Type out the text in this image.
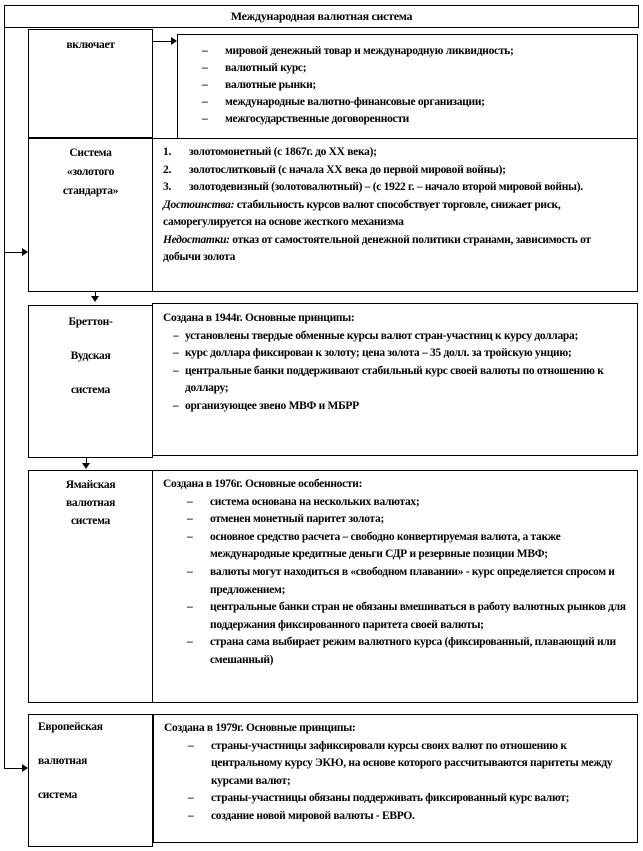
Международная валютная система
включает	– мировой денежный товар и международную ликвидность;
– валютный курс;
– валютные рынки;
– международные валютно-финансовые организации;
– межгосударственные договоренности
Система
«золотого
стандарта»
1. золотомонетный (с 1867г. до XX века);
2. золотослитковый (с начала XX века до первой мировой войны);
3. золотодевизный (золотовалютный) – (с 1922 г. – начало второй мировой войны).
Достоинства: стабильность курсов валют способствует торговле, снижает риск, саморегулируется на основе жесткого механизма
Недостатки: отказ от самостоятельной денежной политики странами, зависимость от добычи золота
Бреттон-
Вудская
система
Создана в 1944г. Основные принципы:
– установлены твердые обменные курсы валют стран-участниц к курсу доллара;
– курс доллара фиксирован к золоту; цена золота – 35 долл. за тройскую унцию;
– центральные банки поддерживают стабильный курс своей валюты по отношению к доллару;
– организующее звено МВФ и МБРР
Ямайская
валютная
система
Создана в 1976г. Основные особенности:
– система основана на нескольких валютах;
– отменен монетный паритет золота;
– основное средство расчета – свободно конвертируемая валюта, а также международные кредитные деньги СДР и резервные позиции МВФ;
– валюты могут находиться в «свободном плавании» - курс определяется спросом и предложением;
– центральные банки стран не обязаны вмешиваться в работу валютных рынков для поддержания фиксированного паритета своей валюты;
– страна сама выбирает режим валютного курса (фиксированный, плавающий или смешанный)
Европейская
валютная
система
Создана в 1979г. Основные принципы:
– страны-участницы зафиксировали курсы своих валют по отношению к центральному курсу ЭКЮ, на основе которого рассчитываются паритеты между курсами валют;
– страны-участницы обязаны поддерживать фиксированный курс валют;
– создание новой мировой валюты - ЕВРО.
